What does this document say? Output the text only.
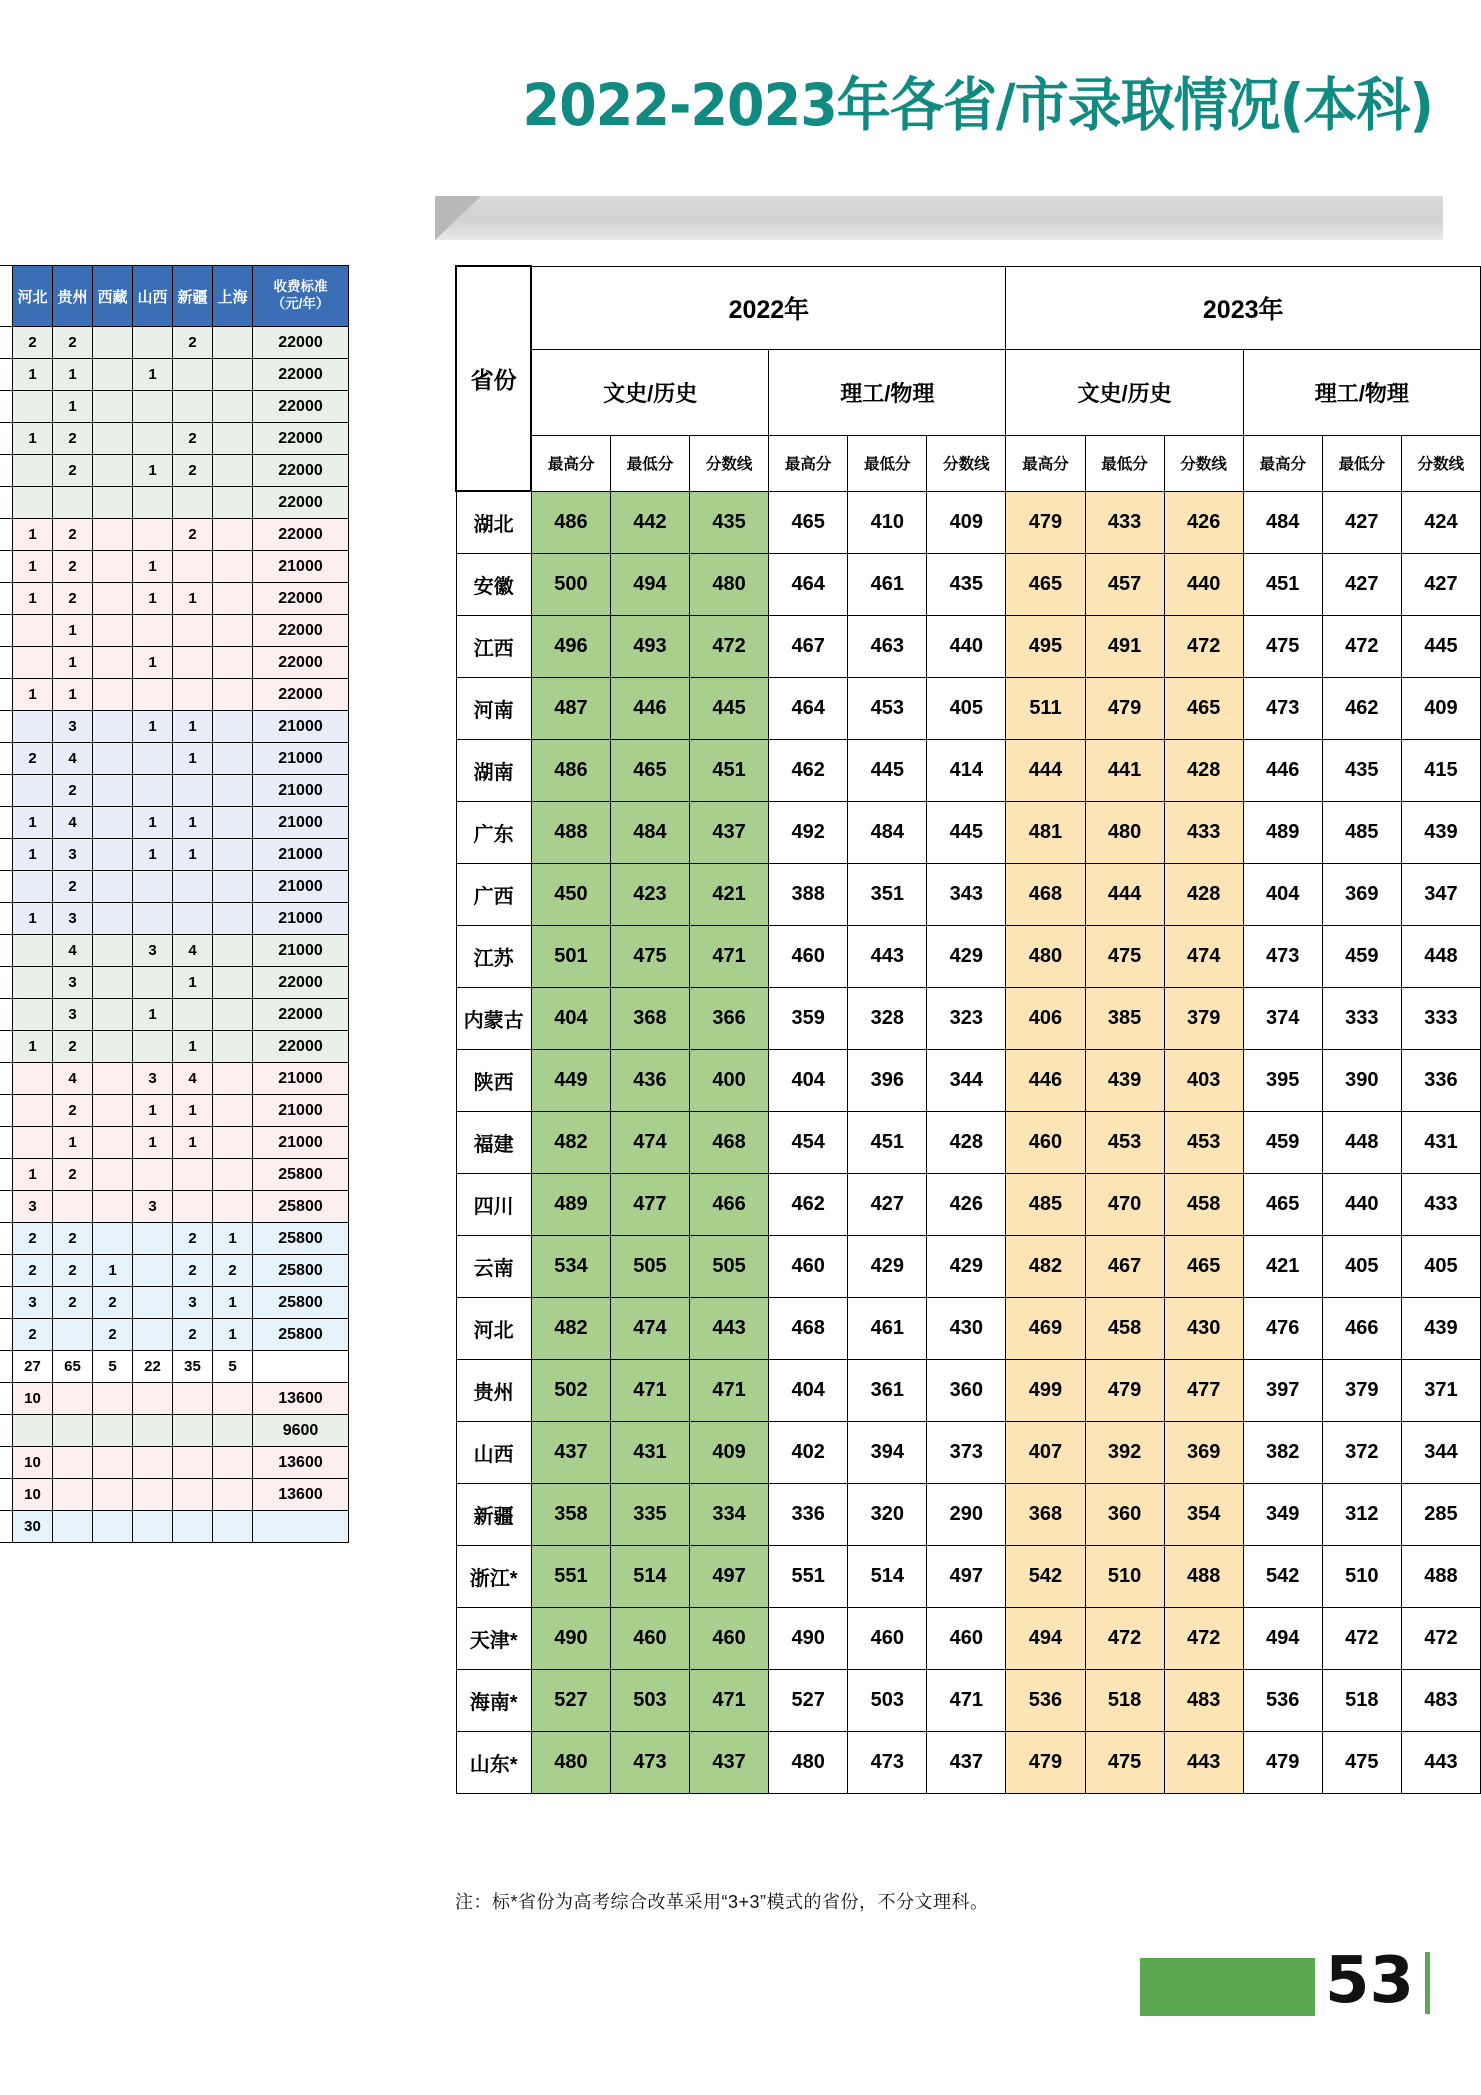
2022-2023年各省/市录取情况(本科)
	河北	贵州	西藏	山西	新疆	上海	收费标准
（元/年）

	2	2			2		22000
	1	1		1			22000
		1					22000
	1	2			2		22000
		2		1	2		22000
							22000
	1	2			2		22000
	1	2		1			21000
	1	2		1	1		22000
		1					22000
		1		1			22000
	1	1					22000
		3		1	1		21000
	2	4			1		21000
		2					21000
	1	4		1	1		21000
	1	3		1	1		21000
		2					21000
	1	3					21000
		4		3	4		21000
		3			1		22000
		3		1			22000
	1	2			1		22000
		4		3	4		21000
		2		1	1		21000
		1		1	1		21000
	1	2					25800
	3			3			25800
	2	2			2	1	25800
	2	2	1		2	2	25800
	3	2	2		3	1	25800
	2		2		2	1	25800
	27	65	5	22	35	5	
	10						13600
							9600
	10						13600
	10						13600
	30						
省份	2022年						2023年					
	文史/历史			理工/物理			文史/历史			理工/物理		
	最高分	最低分	分数线	最高分	最低分	分数线	最高分	最低分	分数线	最高分	最低分	分数线
湖北	486	442	435	465	410	409	479	433	426	484	427	424
安徽	500	494	480	464	461	435	465	457	440	451	427	427
江西	496	493	472	467	463	440	495	491	472	475	472	445
河南	487	446	445	464	453	405	511	479	465	473	462	409
湖南	486	465	451	462	445	414	444	441	428	446	435	415
广东	488	484	437	492	484	445	481	480	433	489	485	439
广西	450	423	421	388	351	343	468	444	428	404	369	347
江苏	501	475	471	460	443	429	480	475	474	473	459	448
内蒙古	404	368	366	359	328	323	406	385	379	374	333	333
陕西	449	436	400	404	396	344	446	439	403	395	390	336
福建	482	474	468	454	451	428	460	453	453	459	448	431
四川	489	477	466	462	427	426	485	470	458	465	440	433
云南	534	505	505	460	429	429	482	467	465	421	405	405
河北	482	474	443	468	461	430	469	458	430	476	466	439
贵州	502	471	471	404	361	360	499	479	477	397	379	371
山西	437	431	409	402	394	373	407	392	369	382	372	344
新疆	358	335	334	336	320	290	368	360	354	349	312	285
浙江*	551	514	497	551	514	497	542	510	488	542	510	488
天津*	490	460	460	490	460	460	494	472	472	494	472	472
海南*	527	503	471	527	503	471	536	518	483	536	518	483
山东*	480	473	437	480	473	437	479	475	443	479	475	443
注：标*省份为高考综合改革采用“3+3”模式的省份，不分文理科。
53
